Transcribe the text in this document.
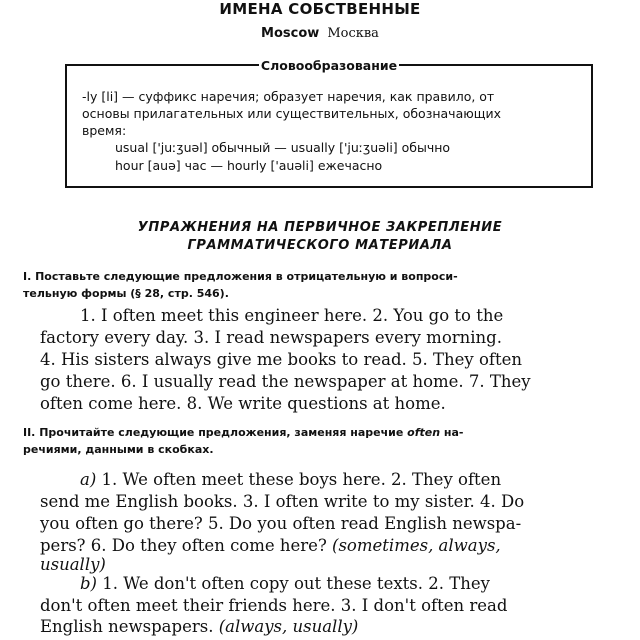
ИМЕНА СОБСТВЕННЫЕ
Moscow Москва
Словообразование
-ly [li] — суффикс наречия; образует наречия, как правило, от
основы прилагательных или существительных, обозначающих
время:
usual ['juːʒuəl] обычный — usually ['juːʒuəli] обычно
hour [auə] час — hourly ['auəli] ежечасно
УПРАЖНЕНИЯ НА ПЕРВИЧНОЕ ЗАКРЕПЛЕНИЕ
ГРАММАТИЧЕСКОГО МАТЕРИАЛА
I. Поставьте следующие предложения в отрицательную и вопроси-
тельную формы (§ 28, стр. 546).
1. I often meet this engineer here. 2. You go to the
factory every day. 3. I read newspapers every morning.
4. His sisters always give me books to read. 5. They often
go there. 6. I usually read the newspaper at home. 7. They
often come here. 8. We write questions at home.
II. Прочитайте следующие предложения, заменяя наречие often на-
речиями, данными в скобках.
a) 1. We often meet these boys here. 2. They often
send me English books. 3. I often write to my sister. 4. Do
you often go there? 5. Do you often read English newspa-
pers? 6. Do they often come here? (sometimes, always,
usually)
b) 1. We don't often copy out these texts. 2. They
don't often meet their friends here. 3. I don't often read
English newspapers. (always, usually)
